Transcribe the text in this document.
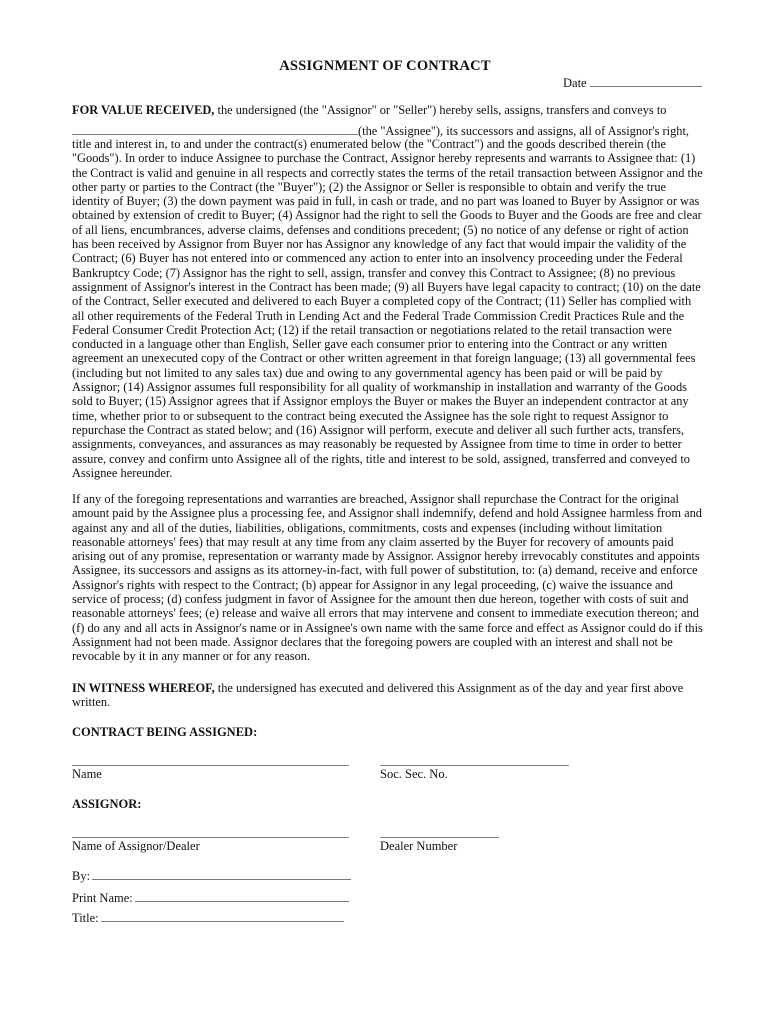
ASSIGNMENT OF CONTRACT
Date

FOR VALUE RECEIVED, the undersigned (the "Assignor" or "Seller") hereby sells, assigns, transfers and conveys to

(the "Assignee"), its successors and assigns, all of Assignor's right,

title and interest in, to and under the contract(s) enumerated below (the "Contract") and the goods described therein (the "Goods"). In order to induce Assignee to purchase the Contract, Assignor hereby represents and warrants to Assignee that: (1) the Contract is valid and genuine in all respects and correctly states the terms of the retail transaction between Assignor and the other party or parties to the Contract (the "Buyer"); (2) the Assignor or Seller is responsible to obtain and verify the true identity of Buyer; (3) the down payment was paid in full, in cash or trade, and no part was loaned to Buyer by Assignor or was obtained by extension of credit to Buyer; (4) Assignor had the right to sell the Goods to Buyer and the Goods are free and clear of all liens, encumbrances, adverse claims, defenses and conditions precedent; (5) no notice of any defense or right of action has been received by Assignor from Buyer nor has Assignor any knowledge of any fact that would impair the validity of the Contract; (6) Buyer has not entered into or commenced any action to enter into an insolvency proceeding under the Federal Bankruptcy Code; (7) Assignor has the right to sell, assign, transfer and convey this Contract to Assignee; (8) no previous assignment of Assignor's interest in the Contract has been made; (9) all Buyers have legal capacity to contract; (10) on the date of the Contract, Seller executed and delivered to each Buyer a completed copy of the Contract; (11) Seller has complied with all other requirements of the Federal Truth in Lending Act and the Federal Trade Commission Credit Practices Rule and the Federal Consumer Credit Protection Act; (12) if the retail transaction or negotiations related to the retail transaction were conducted in a language other than English, Seller gave each consumer prior to entering into the Contract or any written agreement an unexecuted copy of the Contract or other written agreement in that foreign language; (13) all governmental fees (including but not limited to any sales tax) due and owing to any governmental agency has been paid or will be paid by Assignor; (14) Assignor assumes full responsibility for all quality of workmanship in installation and warranty of the Goods sold to Buyer; (15) Assignor agrees that if Assignor employs the Buyer or makes the Buyer an independent contractor at any time, whether prior to or subsequent to the contract being executed the Assignee has the sole right to request Assignor to repurchase the Contract as stated below; and (16) Assignor will perform, execute and deliver all such further acts, transfers, assignments, conveyances, and assurances as may reasonably be requested by Assignee from time to time in order to better assure, convey and confirm unto Assignee all of the rights, title and interest to be sold, assigned, transferred and conveyed to Assignee hereunder.

If any of the foregoing representations and warranties are breached, Assignor shall repurchase the Contract for the original amount paid by the Assignee plus a processing fee, and Assignor shall indemnify, defend and hold Assignee harmless from and against any and all of the duties, liabilities, obligations, commitments, costs and expenses (including without limitation reasonable attorneys' fees) that may result at any time from any claim asserted by the Buyer for recovery of amounts paid arising out of any promise, representation or warranty made by Assignor. Assignor hereby irrevocably constitutes and appoints Assignee, its successors and assigns as its attorney-in-fact, with full power of substitution, to: (a) demand, receive and enforce Assignor's rights with respect to the Contract; (b) appear for Assignor in any legal proceeding, (c) waive the issuance and service of process; (d) confess judgment in favor of Assignee for the amount then due hereon, together with costs of suit and reasonable attorneys' fees; (e) release and waive all errors that may intervene and consent to immediate execution thereon; and (f) do any and all acts in Assignor's name or in Assignee's own name with the same force and effect as Assignor could do if this Assignment had not been made. Assignor declares that the foregoing powers are coupled with an interest and shall not be revocable by it in any manner or for any reason.

IN WITNESS WHEREOF, the undersigned has executed and delivered this Assignment as of the day and year first above written.

CONTRACT BEING ASSIGNED:
Name	Soc. Sec. No.
ASSIGNOR:
Name of Assignor/Dealer	Dealer Number
By:
Print Name:
Title:
